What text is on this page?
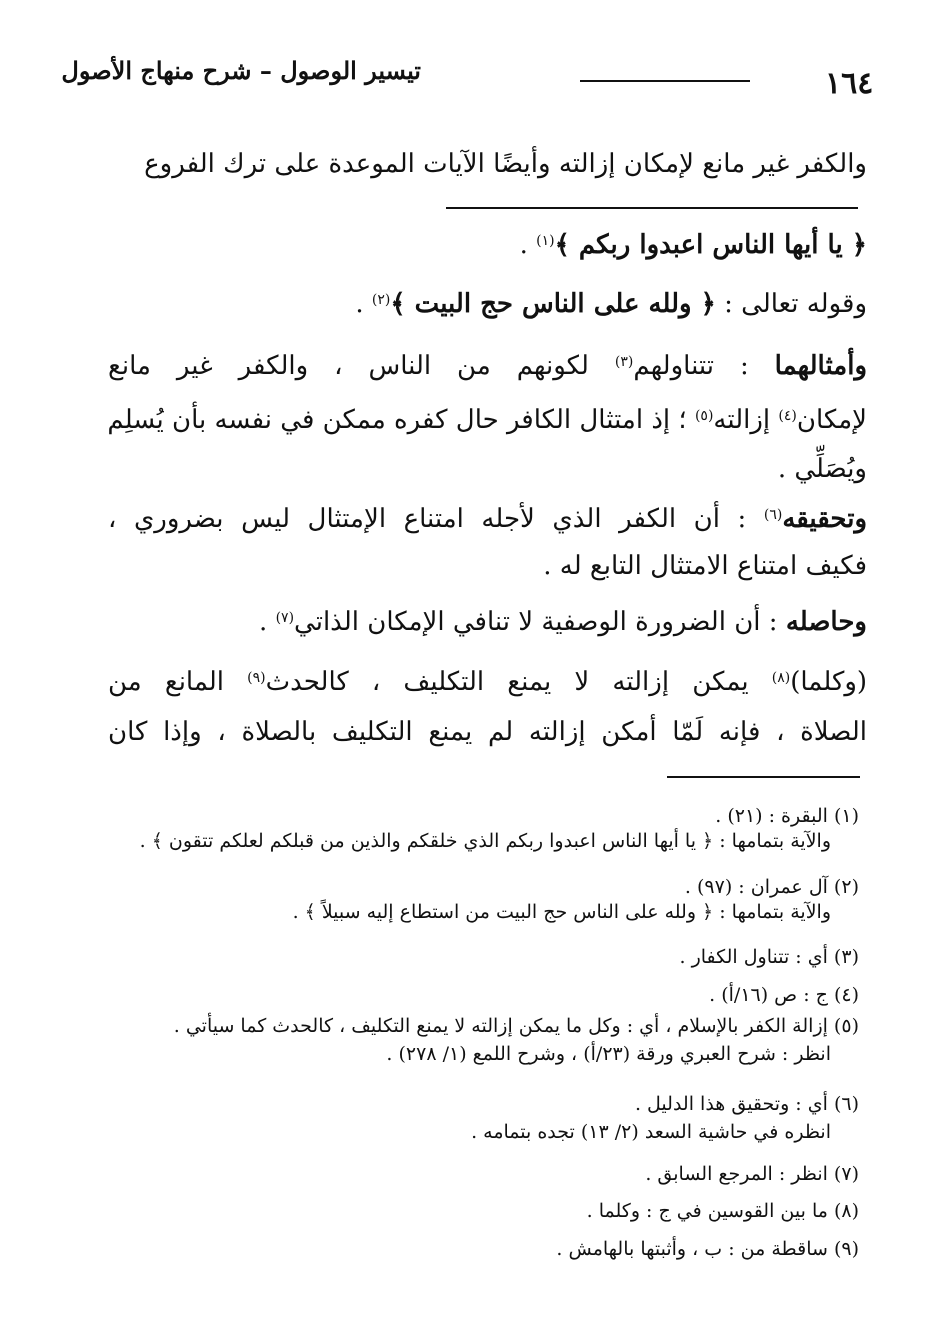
تيسير الوصول – شرح منهاج الأصول	١٦٤
والكفر غير مانع لإمكان إزالته وأيضًا الآيات الموعدة على ترك الفروع
﴿ يا أيها الناس اعبدوا ربكم ﴾$^{(١)}$ .
وقوله تعالى : ﴿ ولله على الناس حج البيت ﴾$^{(٢)}$ .
وأمثالهما : تتناولهم$^{(٣)}$ لكونهم من الناس ، والكفر غير مانع
لإمكان$^{(٤)}$ إزالته$^{(٥)}$ ؛ إذ امتثال الكافر حال كفره ممكن في نفسه بأن يُسلِم
ويُصَلِّي .
وتحقيقه$^{(٦)}$ : أن الكفر الذي لأجله امتناع الإمتثال ليس بضروري ،
فكيف امتناع الامتثال التابع له .
وحاصله : أن الضرورة الوصفية لا تنافي الإمكان الذاتي$^{(٧)}$ .
(وكلما)$^{(٨)}$ يمكن إزالته لا يمنع التكليف ، كالحدث$^{(٩)}$ المانع من
الصلاة ، فإنه لَمّا أمكن إزالته لم يمنع التكليف بالصلاة ، وإذا كان
(١) البقرة : (٢١) .
والآية بتمامها : ﴿ يا أيها الناس اعبدوا ربكم الذي خلقكم والذين من قبلكم لعلكم تتقون ﴾ .
(٢) آل عمران : (٩٧) .
والآية بتمامها : ﴿ ولله على الناس حج البيت من استطاع إليه سبيلاً ﴾ .
(٣) أي : تتناول الكفار .
(٤) ج : ص (١٦/أ) .
(٥) إزالة الكفر بالإسلام ، أي : وكل ما يمكن إزالته لا يمنع التكليف ، كالحدث كما سيأتي .
انظر : شرح العبري ورقة (٢٣/أ) ، وشرح اللمع (١/ ٢٧٨) .
(٦) أي : وتحقيق هذا الدليل .
انظره في حاشية السعد (٢/ ١٣) تجده بتمامه .
(٧) انظر : المرجع السابق .
(٨) ما بين القوسين في ج : وكلما .
(٩) ساقطة من : ب ، وأثبتها بالهامش .
